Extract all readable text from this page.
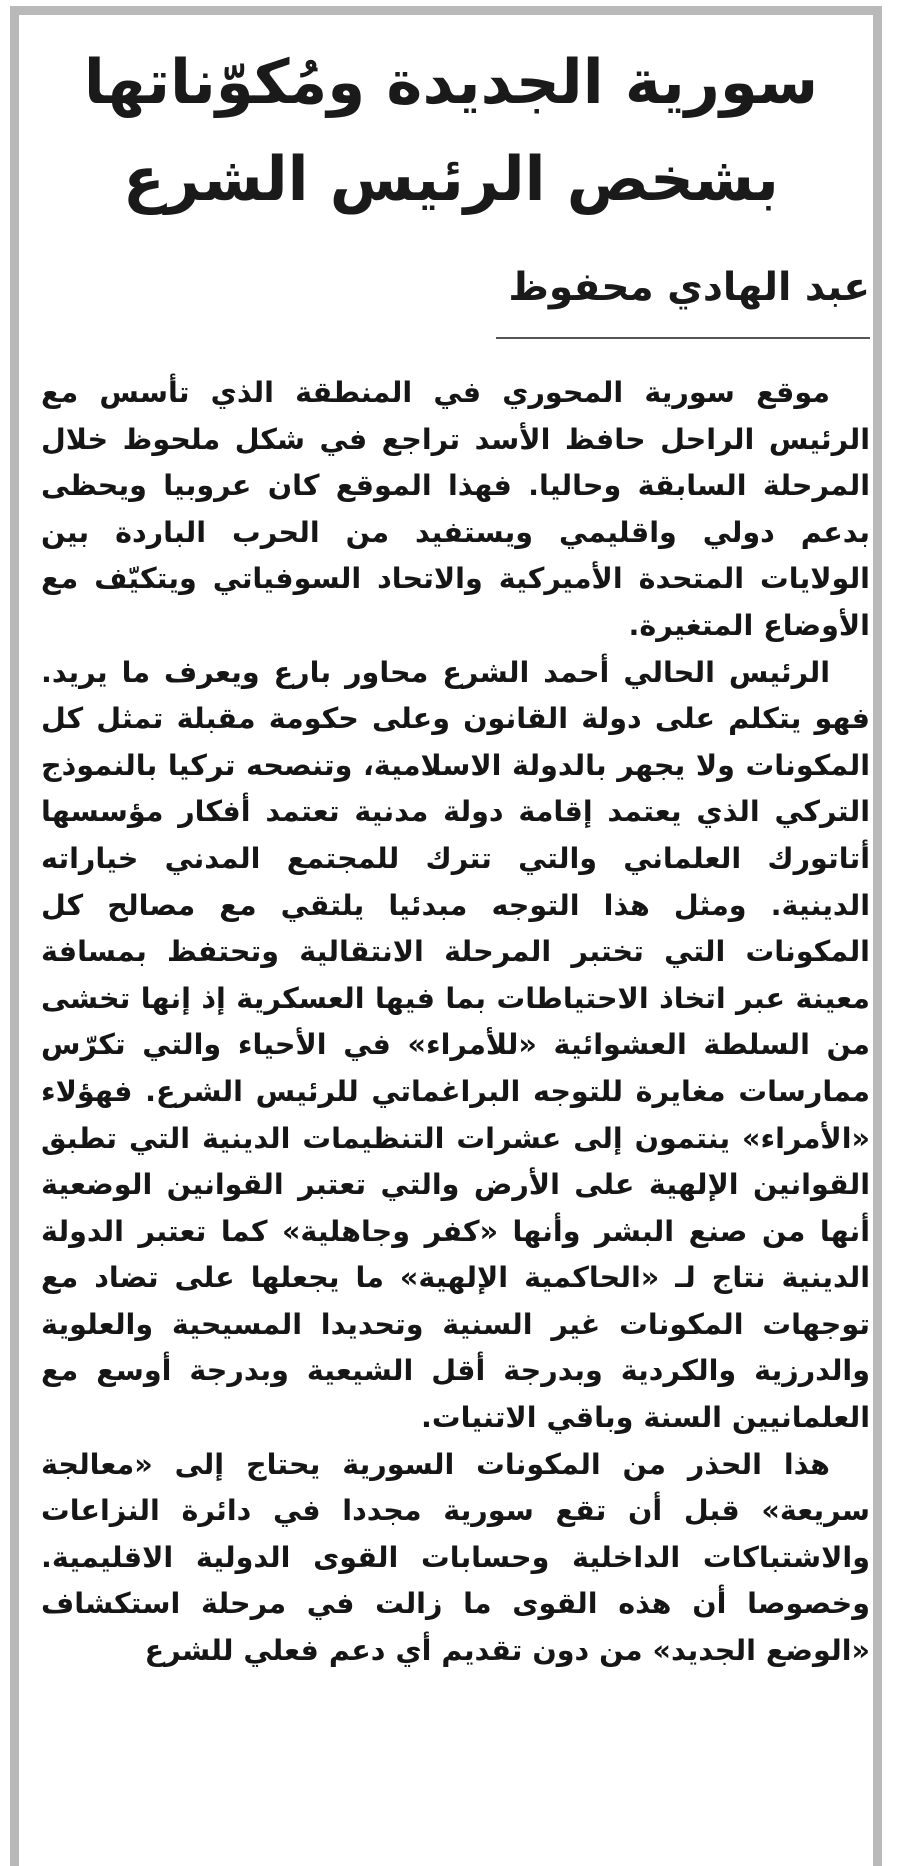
سورية الجديدة ومُكوّناتها
بشخص الرئيس الشرع
عبد الهادي محفوظ

موقع سورية المحوري في المنطقة الذي تأسس مع الرئيس الراحل حافظ الأسد تراجع في شكل ملحوظ خلال المرحلة السابقة وحاليا. فهذا الموقع كان عروبيا ويحظى بدعم دولي واقليمي ويستفيد من الحرب الباردة بين الولايات المتحدة الأميركية والاتحاد السوفياتي ويتكيّف مع الأوضاع المتغيرة.

الرئيس الحالي أحمد الشرع محاور بارع ويعرف ما يريد. فهو يتكلم على دولة القانون وعلى حكومة مقبلة تمثل كل المكونات ولا يجهر بالدولة الاسلامية، وتنصحه تركيا بالنموذج التركي الذي يعتمد إقامة دولة مدنية تعتمد أفكار مؤسسها أتاتورك العلماني والتي تترك للمجتمع المدني خياراته الدينية. ومثل هذا التوجه مبدئيا يلتقي مع مصالح كل المكونات التي تختبر المرحلة الانتقالية وتحتفظ بمسافة معينة عبر اتخاذ الاحتياطات بما فيها العسكرية إذ إنها تخشى من السلطة العشوائية «للأمراء» في الأحياء والتي تكرّس ممارسات مغايرة للتوجه البراغماتي للرئيس الشرع. فهؤلاء «الأمراء» ينتمون إلى عشرات التنظيمات الدينية التي تطبق القوانين الإلهية على الأرض والتي تعتبر القوانين الوضعية أنها من صنع البشر وأنها «كفر وجاهلية» كما تعتبر الدولة الدينية نتاج لـ «الحاكمية الإلهية» ما يجعلها على تضاد مع توجهات المكونات غير السنية وتحديدا المسيحية والعلوية والدرزية والكردية وبدرجة أقل الشيعية وبدرجة أوسع مع العلمانيين السنة وباقي الاتنيات.

هذا الحذر من المكونات السورية يحتاج إلى «معالجة سريعة» قبل أن تقع سورية مجددا في دائرة النزاعات والاشتباكات الداخلية وحسابات القوى الدولية الاقليمية. وخصوصا أن هذه القوى ما زالت في مرحلة استكشاف «الوضع الجديد» من دون تقديم أي دعم فعلي للشرع
